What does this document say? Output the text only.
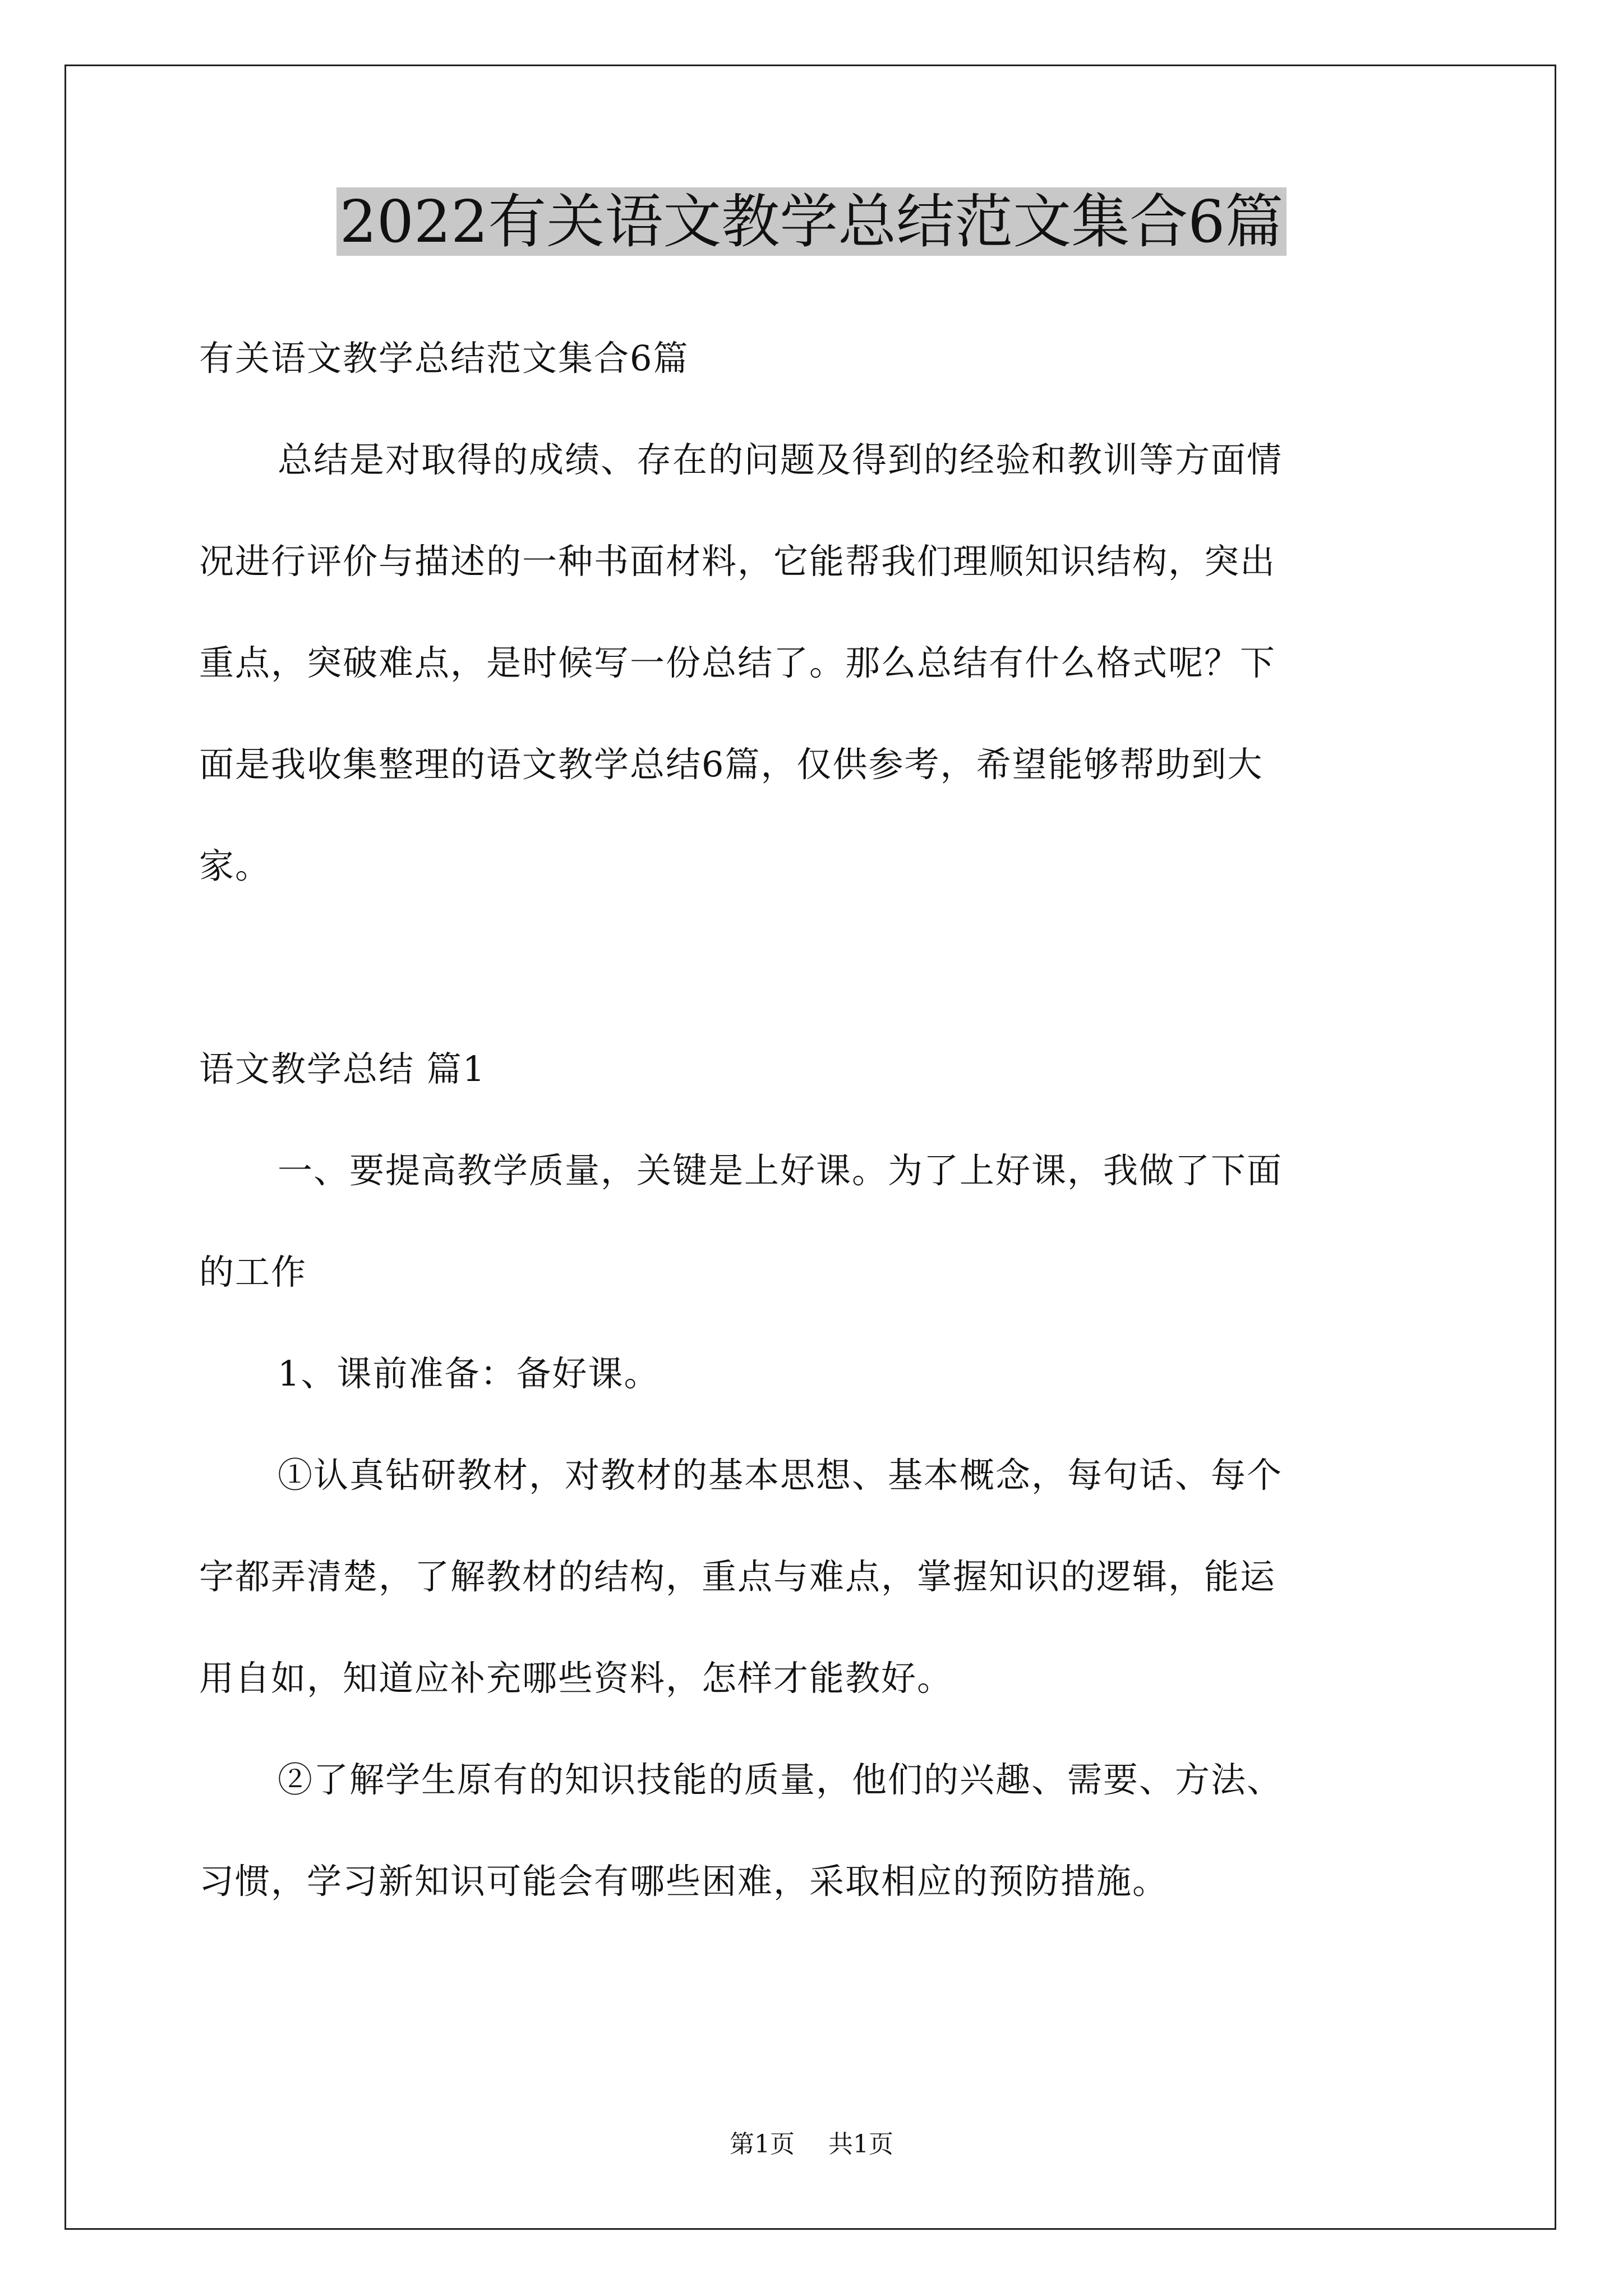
2022有关语文教学总结范文集合6篇

有关语文教学总结范文集合6篇

总结是对取得的成绩、存在的问题及得到的经验和教训等方面情

况进行评价与描述的一种书面材料，它能帮我们理顺知识结构，突出

重点，突破难点，是时候写一份总结了。那么总结有什么格式呢？下

面是我收集整理的语文教学总结6篇，仅供参考，希望能够帮助到大

家。

语文教学总结 篇1

一、要提高教学质量，关键是上好课。为了上好课，我做了下面

的工作

1、课前准备：备好课。

①认真钻研教材，对教材的基本思想、基本概念，每句话、每个

字都弄清楚，了解教材的结构，重点与难点，掌握知识的逻辑，能运

用自如，知道应补充哪些资料，怎样才能教好。

②了解学生原有的知识技能的质量，他们的兴趣、需要、方法、

习惯，学习新知识可能会有哪些困难，采取相应的预防措施。

第1页 共1页
